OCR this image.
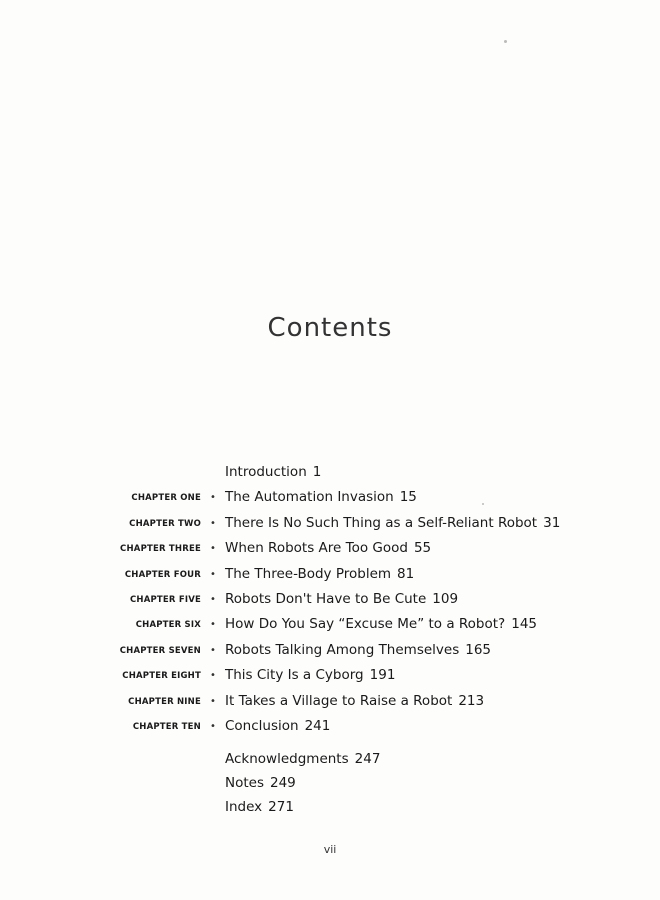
Contents
Introduction 1
CHAPTER ONE • The Automation Invasion 15
CHAPTER TWO • There Is No Such Thing as a Self-Reliant Robot 31
CHAPTER THREE • When Robots Are Too Good 55
CHAPTER FOUR • The Three-Body Problem 81
CHAPTER FIVE • Robots Don't Have to Be Cute 109
CHAPTER SIX • How Do You Say “Excuse Me” to a Robot? 145
CHAPTER SEVEN • Robots Talking Among Themselves 165
CHAPTER EIGHT • This City Is a Cyborg 191
CHAPTER NINE • It Takes a Village to Raise a Robot 213
CHAPTER TEN • Conclusion 241
Acknowledgments 247
Notes 249
Index 271
vii
